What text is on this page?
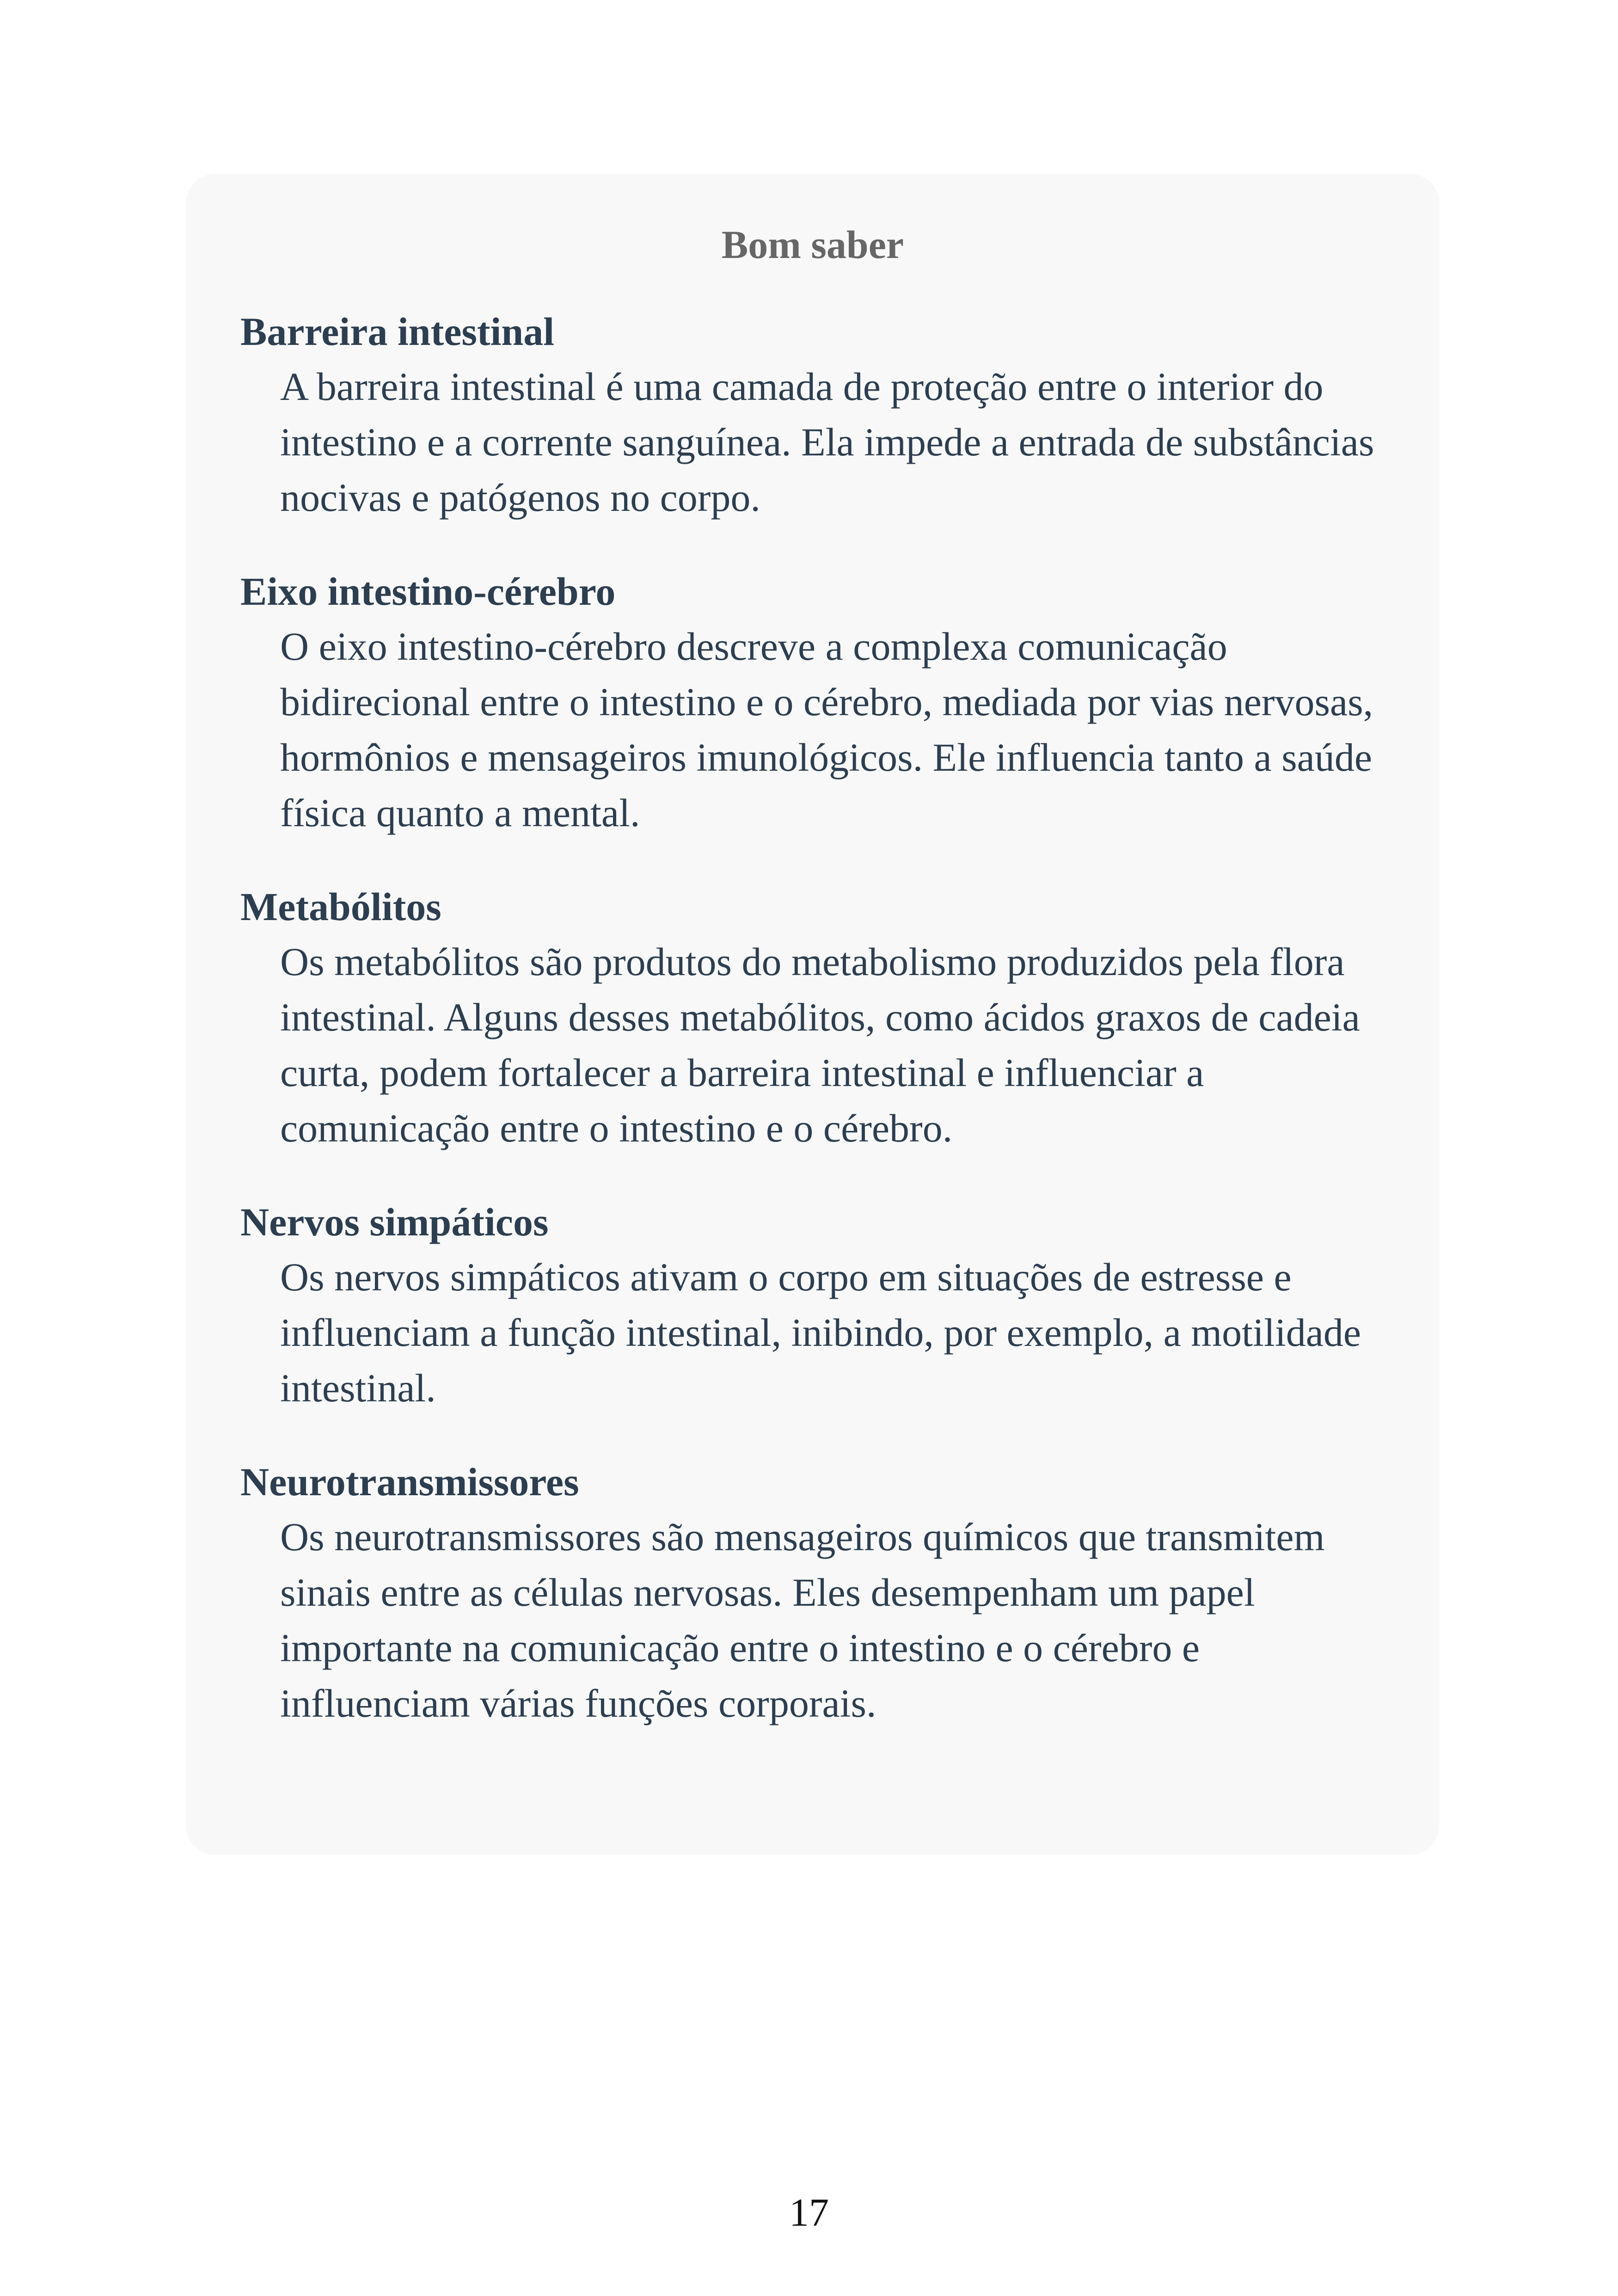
Bom saber
Barreira intestinal
A barreira intestinal é uma camada de proteção entre o interior do intestino e a corrente sanguínea. Ela impede a entrada de substâncias nocivas e patógenos no corpo.
Eixo intestino-cérebro
O eixo intestino-cérebro descreve a complexa comunicação bidirecional entre o intestino e o cérebro, mediada por vias nervosas, hormônios e mensageiros imunológicos. Ele influencia tanto a saúde física quanto a mental.
Metabólitos
Os metabólitos são produtos do metabolismo produzidos pela flora intestinal. Alguns desses metabólitos, como ácidos graxos de cadeia curta, podem fortalecer a barreira intestinal e influenciar a comunicação entre o intestino e o cérebro.
Nervos simpáticos
Os nervos simpáticos ativam o corpo em situações de estresse e influenciam a função intestinal, inibindo, por exemplo, a motilidade intestinal.
Neurotransmissores
Os neurotransmissores são mensageiros químicos que transmitem sinais entre as células nervosas. Eles desempenham um papel importante na comunicação entre o intestino e o cérebro e influenciam várias funções corporais.
17
